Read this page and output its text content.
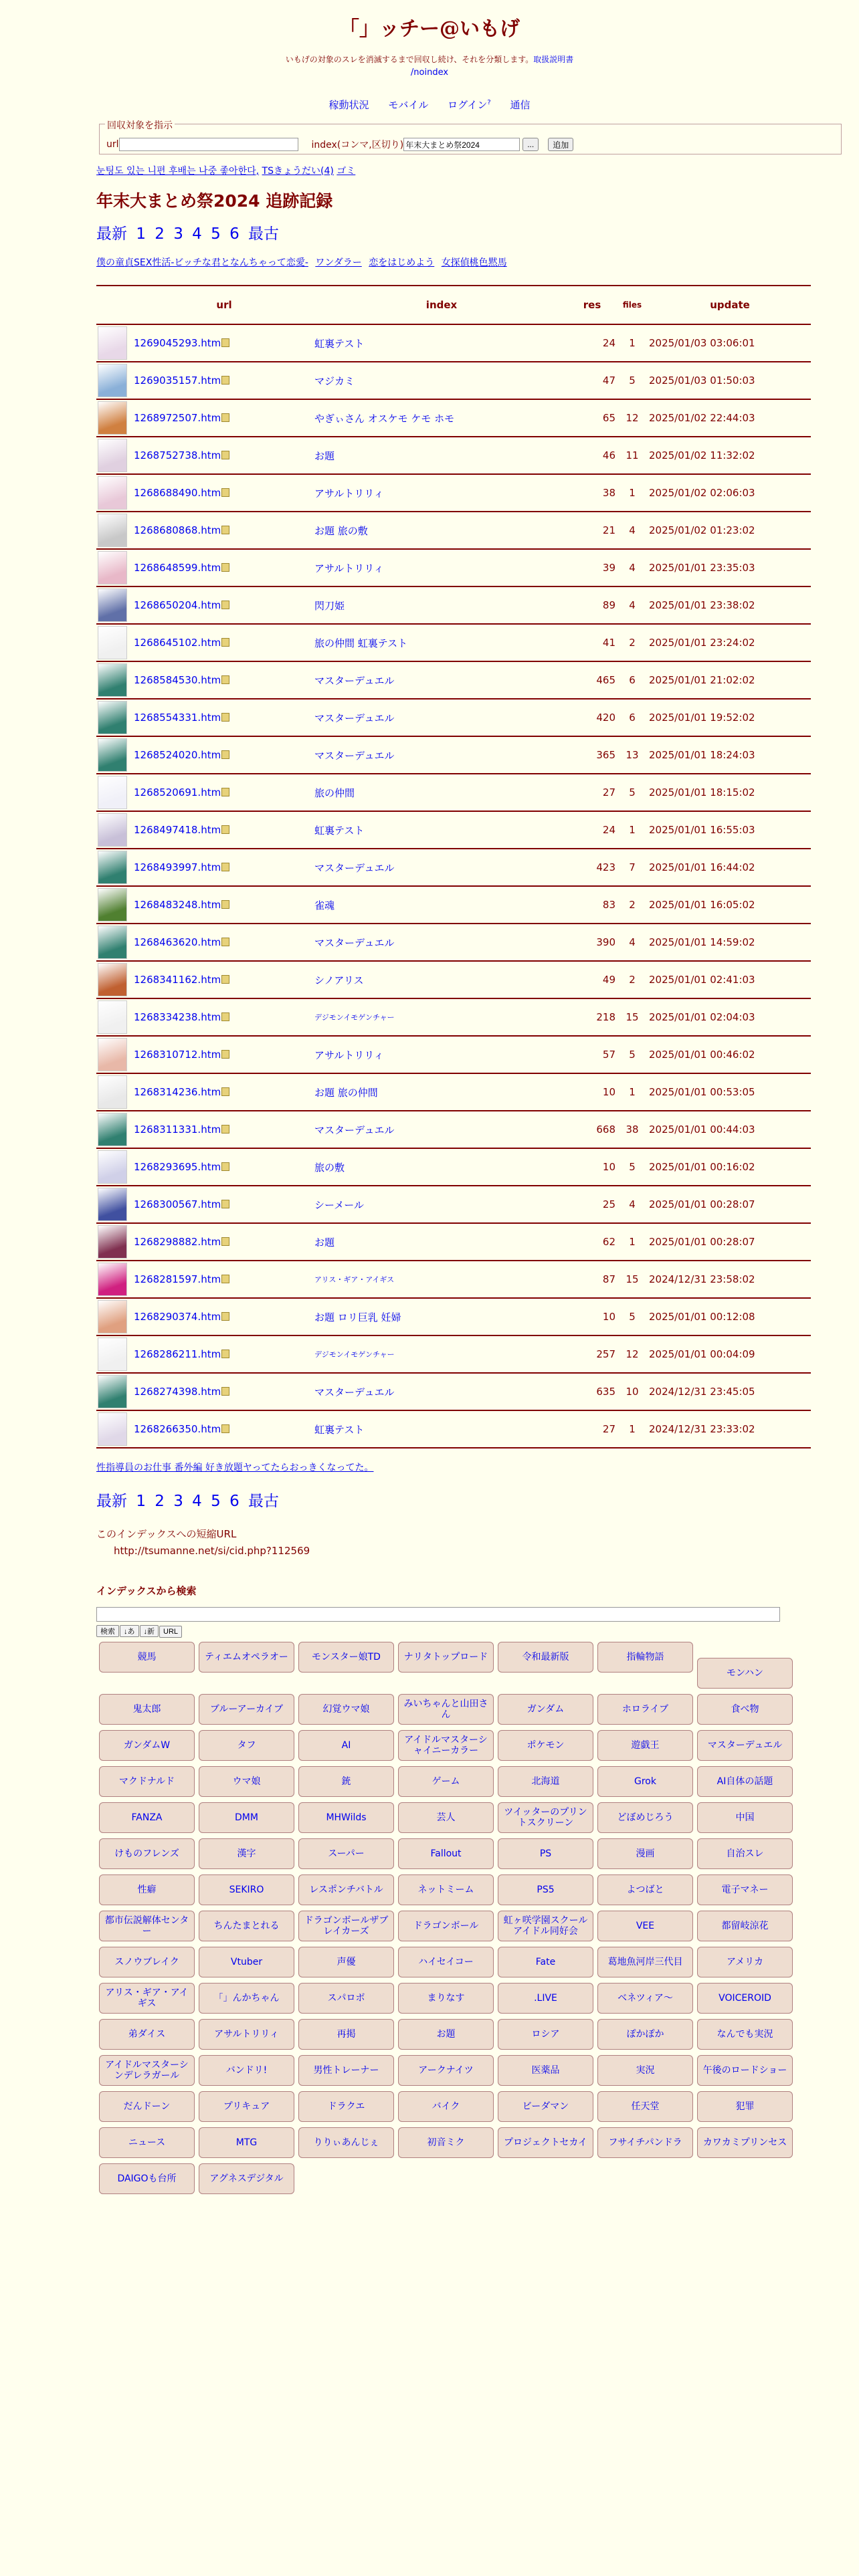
「」ッチー@いもげ
いもげの対象のスレを消滅するまで回収し続け、それを分類します。取扱説明書
/noindex
稼動状況 モバイル ログイン? 通信
回収対象を指示
url	index(コンマ,区切り)
年末大まとめ祭2024	...	追加
눈팅도 있는 니편 후배는 나중 좋아한다, TSきょうだい(4) ゴミ
年末大まとめ祭2024 追跡記録
最新 1 2 3 4 5 6 最古
僕の童貞SEX性活-ビッチな君となんちゃって恋愛- ワンダラー 恋をはじめよう 女探偵桃色黙馬
	url	index	res	files	update

	1269045293.htm	虹裏テスト	24	1	2025/01/03 03:06:01

	1269035157.htm	マジカミ	47	5	2025/01/03 01:50:03

	1268972507.htm	やぎぃさん オスケモ ケモ ホモ	65	12	2025/01/02 22:44:03

	1268752738.htm	お題	46	11	2025/01/02 11:32:02

	1268688490.htm	アサルトリリィ	38	1	2025/01/02 02:06:03

	1268680868.htm	お題 旅の敷	21	4	2025/01/02 01:23:02

	1268648599.htm	アサルトリリィ	39	4	2025/01/01 23:35:03

	1268650204.htm	閃刀姫	89	4	2025/01/01 23:38:02

	1268645102.htm	旅の仲間 虹裏テスト	41	2	2025/01/01 23:24:02

	1268584530.htm	マスターデュエル	465	6	2025/01/01 21:02:02

	1268554331.htm	マスターデュエル	420	6	2025/01/01 19:52:02

	1268524020.htm	マスターデュエル	365	13	2025/01/01 18:24:03

	1268520691.htm	旅の仲間	27	5	2025/01/01 18:15:02

	1268497418.htm	虹裏テスト	24	1	2025/01/01 16:55:03

	1268493997.htm	マスターデュエル	423	7	2025/01/01 16:44:02

	1268483248.htm	雀魂	83	2	2025/01/01 16:05:02

	1268463620.htm	マスターデュエル	390	4	2025/01/01 14:59:02

	1268341162.htm	シノアリス	49	2	2025/01/01 02:41:03

	1268334238.htm	デジモンイモゲンチャー	218	15	2025/01/01 02:04:03

	1268310712.htm	アサルトリリィ	57	5	2025/01/01 00:46:02

	1268314236.htm	お題 旅の仲間	10	1	2025/01/01 00:53:05

	1268311331.htm	マスターデュエル	668	38	2025/01/01 00:44:03

	1268293695.htm	旅の敷	10	5	2025/01/01 00:16:02

	1268300567.htm	シーメール	25	4	2025/01/01 00:28:07

	1268298882.htm	お題	62	1	2025/01/01 00:28:07

	1268281597.htm	アリス・ギア・アイギス	87	15	2024/12/31 23:58:02

	1268290374.htm	お題 ロリ巨乳 妊婦	10	5	2025/01/01 00:12:08

	1268286211.htm	デジモンイモゲンチャー	257	12	2025/01/01 00:04:09

	1268274398.htm	マスターデュエル	635	10	2024/12/31 23:45:05

	1268266350.htm	虹裏テスト	27	1	2024/12/31 23:33:02
性指導員のお仕事 番外編 好き放題ヤってたらおっきくなってた。
最新 1 2 3 4 5 6 最古
このインデックスへの短縮URL
http://tsumanne.net/si/cid.php?112569
インデックスから検索
検索 ↓あ ↓新 URL
競馬	ティエムオペラオー	モンスター娘TD	ナリタトップロード	令和最新版	指輪物語
モンハン
鬼太郎	ブルーアーカイブ	幻覚ウマ娘
みいちゃんと山田さん
ガンダム	ホロライブ	食べ物
ガンダムW	タフ	AI
アイドルマスターシャイニーカラー
ポケモン	遊戯王	マスターデュエル
マクドナルド	ウマ娘	銃	ゲーム	北海道	Grok	AI自体の話題
FANZA	DMM	MHWilds	芸人
ツイッターのプリントスクリーン
どぼめじろう	中国
けものフレンズ	漢字	スーパー	Fallout	PS	漫画	自治スレ
性癖	SEKIRO	レスポンチバトル	ネットミーム	PS5	よつばと	電子マネー
都市伝説解体センター
ちんたまとれる
ドラゴンボールザブレイカーズ
ドラゴンボール
虹ヶ咲学園スクールアイドル同好会
VEE	都留岐涼花
スノウブレイク	Vtuber	声優	ハイセイコー	Fate	葛地魚河岸三代目	アメリカ
アリス・ギア・アイギス
「」んかちゃん	スパロボ	まりなす	.LIVE	ベネツィア～	VOICEROID
弟ダイス	アサルトリリィ	再掲	お題	ロシア	ぽかぽか	なんでも実況
アイドルマスターシンデレラガール
バンドリ!	男性トレーナー	アークナイツ	医薬品	実況	午後のロードショー
だんドーン	プリキュア	ドラクエ	バイク	ビーダマン	任天堂	犯罪
ニュース	MTG	りりぃあんじぇ	初音ミク	プロジェクトセカイ	フサイチパンドラ	カワカミプリンセス
DAIGOも台所	アグネスデジタル
